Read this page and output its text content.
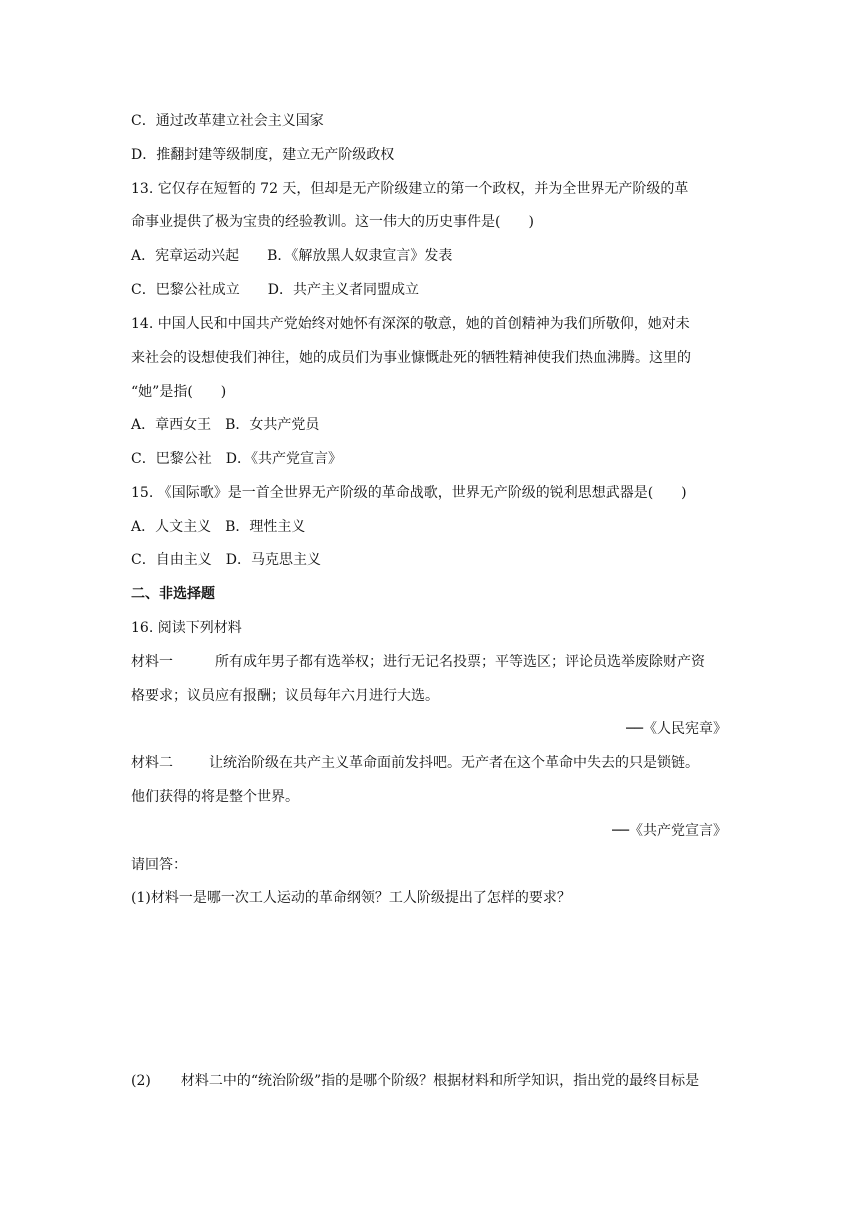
C．通过改革建立社会主义国家
D．推翻封建等级制度，建立无产阶级政权
13. 它仅存在短暂的 72 天，但却是无产阶级建立的第一个政权，并为全世界无产阶级的革
命事业提供了极为宝贵的经验教训。这一伟大的历史事件是(　　)
A．宪章运动兴起 B．《解放黑人奴隶宣言》发表
C．巴黎公社成立 D．共产主义者同盟成立
14. 中国人民和中国共产党始终对她怀有深深的敬意，她的首创精神为我们所敬仰，她对未
来社会的设想使我们神往，她的成员们为事业慷慨赴死的牺牲精神使我们热血沸腾。这里的
“她”是指(　　)
A．章西女王 B．女共产党员
C．巴黎公社 D．《共产党宣言》
15. 《国际歌》是一首全世界无产阶级的革命战歌，世界无产阶级的锐利思想武器是(　　)
A．人文主义 B．理性主义
C．自由主义 D．马克思主义
二、非选择题
16. 阅读下列材料
材料一	所有成年男子都有选举权；进行无记名投票；平等选区；评论员选举废除财产资
格要求；议员应有报酬；议员每年六月进行大选。
──《人民宪章》
材料二	让统治阶级在共产主义革命面前发抖吧。无产者在这个革命中失去的只是锁链。
他们获得的将是整个世界。
──《共产党宣言》
请回答：
(1)材料一是哪一次工人运动的革命纲领？工人阶级提出了怎样的要求？
(2) 材料二中的“统治阶级”指的是哪个阶级？根据材料和所学知识，指出党的最终目标是
